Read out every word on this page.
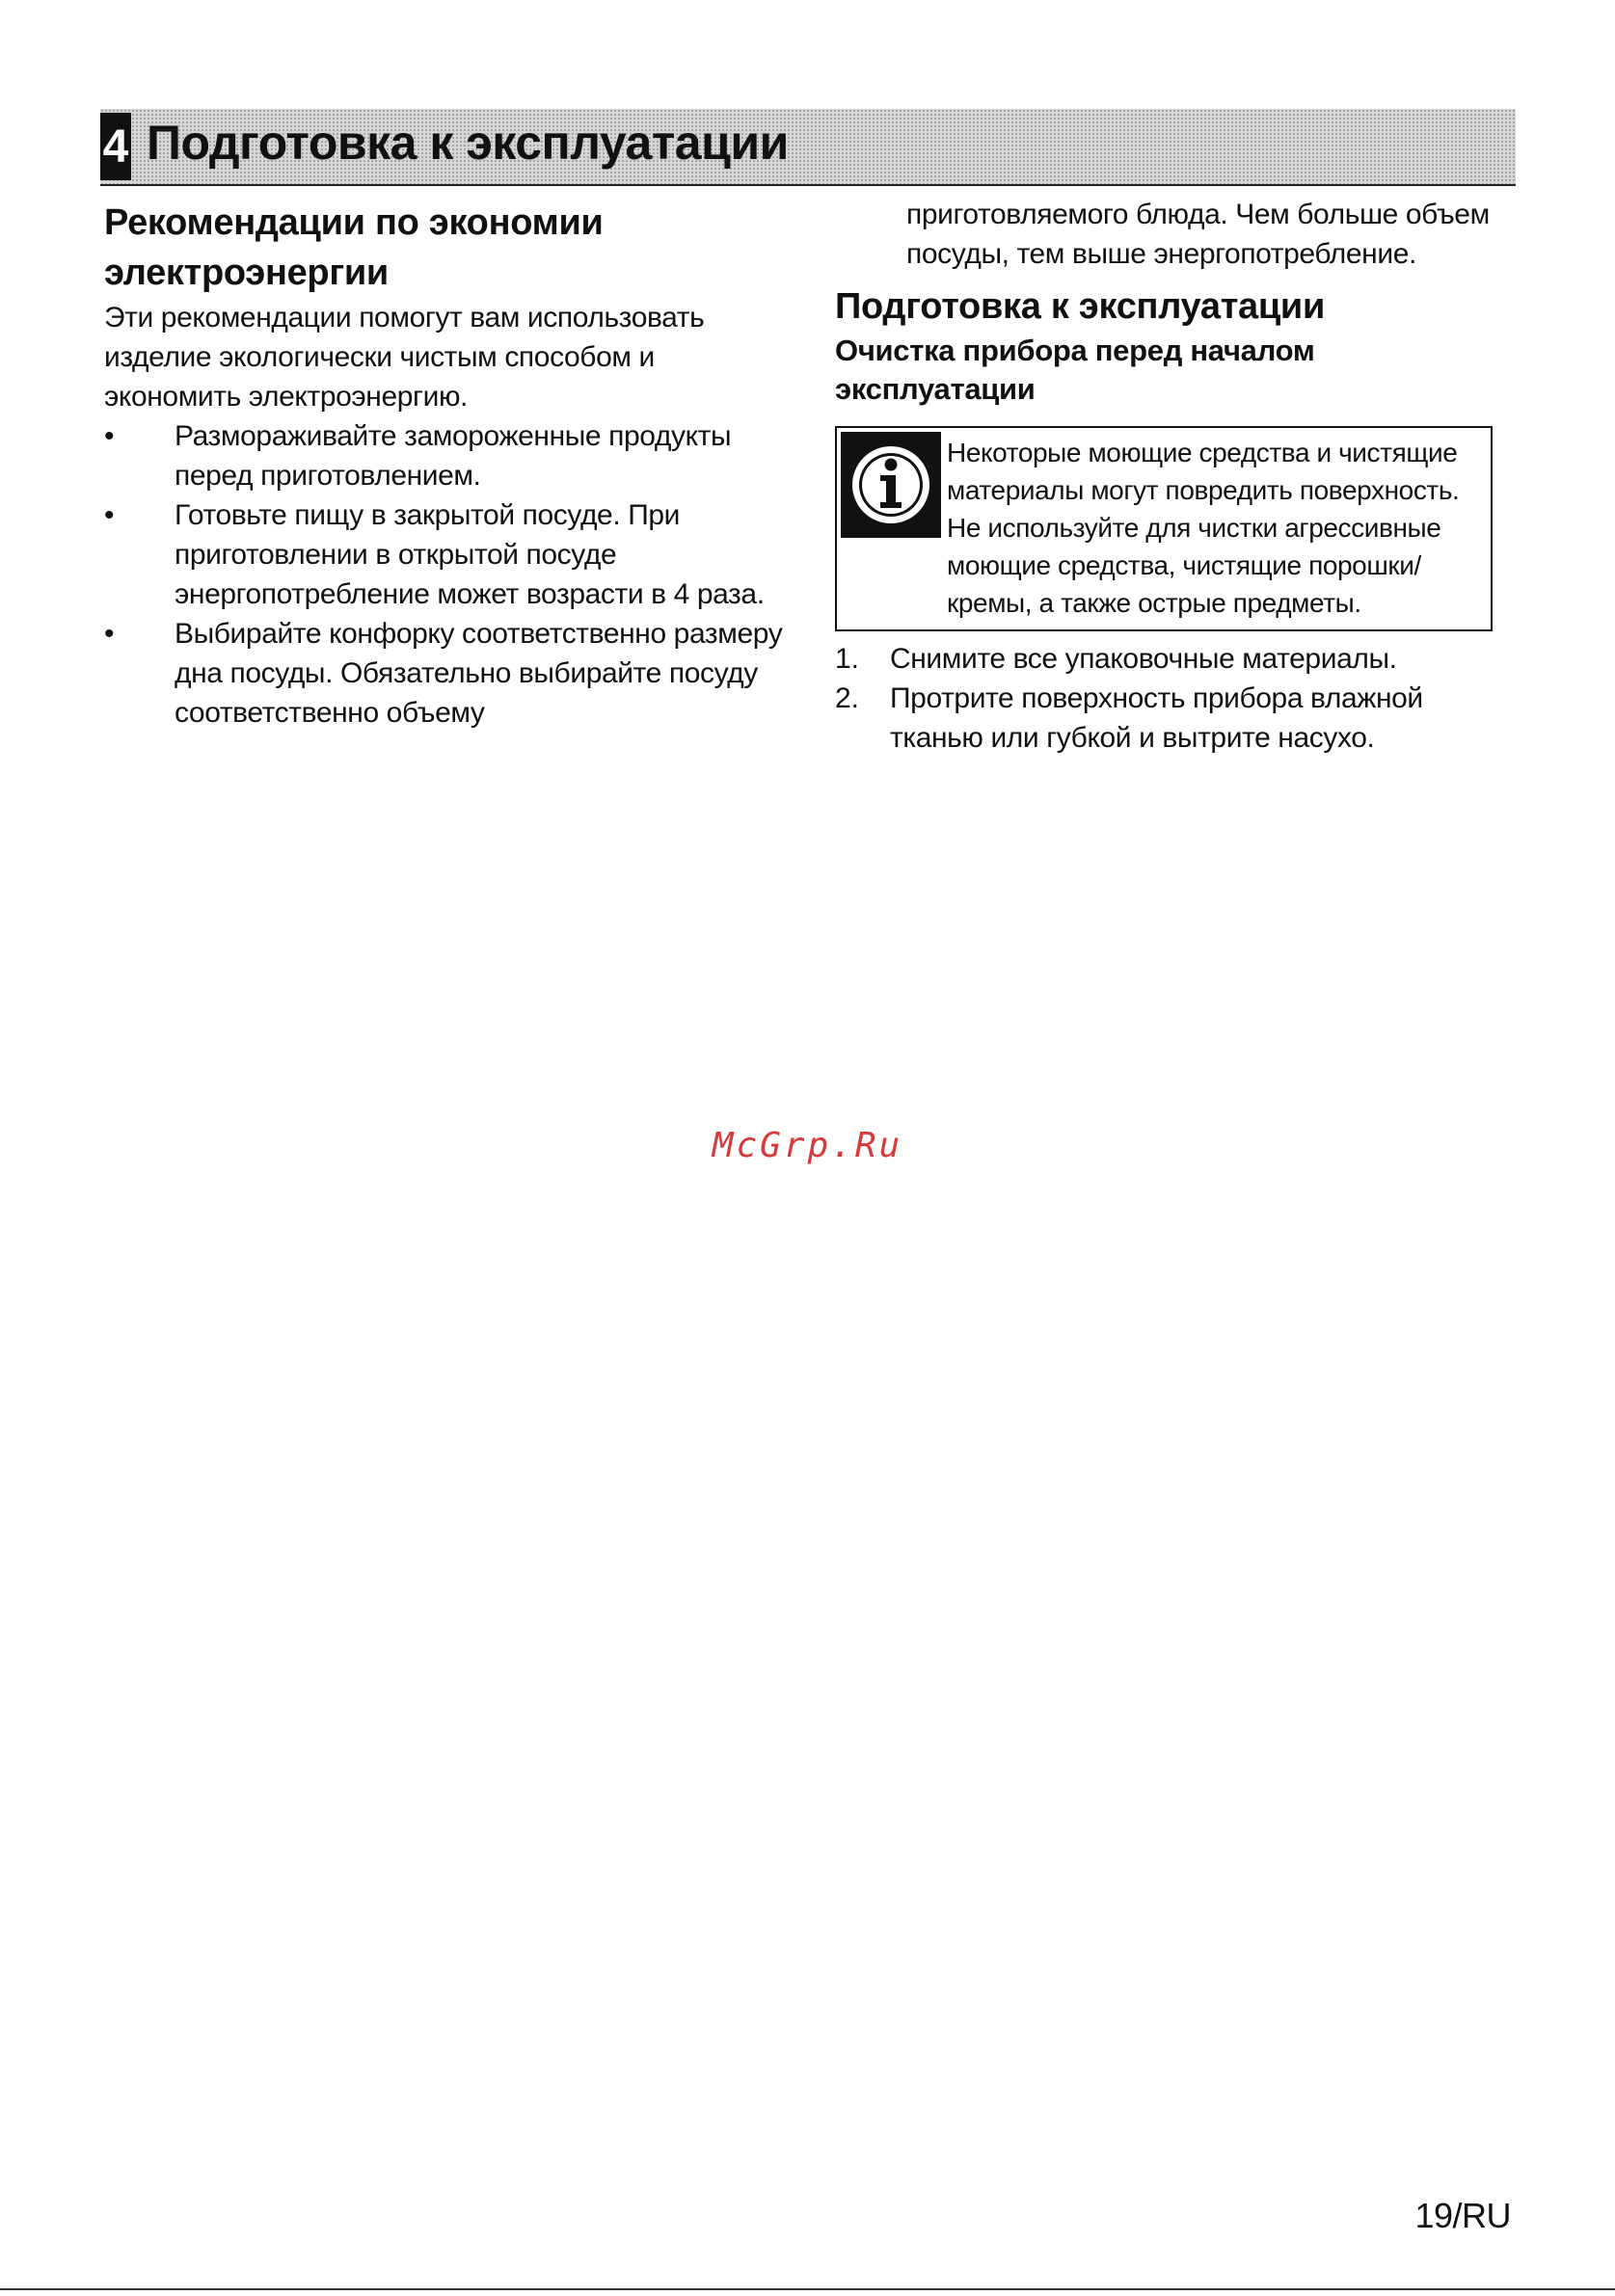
4 Подготовка к эксплуатации
Рекомендации по экономии
электроэнергии

Эти рекомендации помогут вам использовать изделие экологически чистым способом и экономить электроэнергию.

• Размораживайте замороженные продукты перед приготовлением.
• Готовьте пищу в закрытой посуде. При приготовлении в открытой посуде энергопотребление может возрасти в 4 раза.
• Выбирайте конфорку соответственно размеру дна посуды. Обязательно выбирайте посуду соответственно объему

приготовляемого блюда. Чем больше объем посуды, тем выше энергопотребление.

Подготовка к эксплуатации
Очистка прибора перед началом эксплуатации
Некоторые моющие средства и чистящие материалы могут повредить поверхность. Не используйте для чистки агрессивные моющие средства, чистящие порошки/кремы, а также острые предметы.
1. Снимите все упаковочные материалы.
2. Протрите поверхность прибора влажной тканью или губкой и вытрите насухо.
McGrp.Ru
19/RU
